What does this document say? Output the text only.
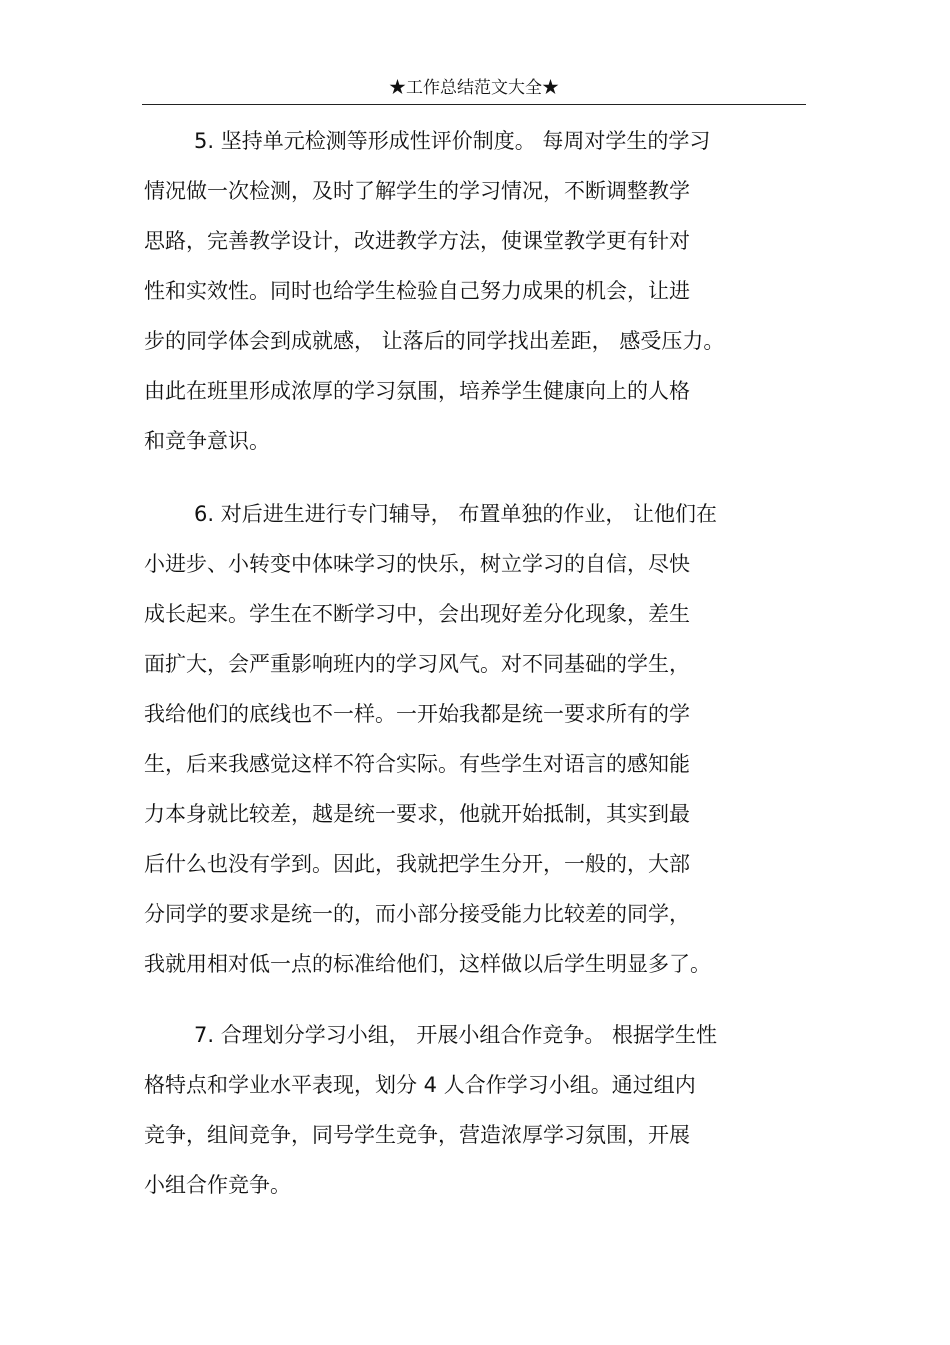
★工作总结范文大全★
5. 坚持单元检测等形成性评价制度。 每周对学生的学习
情况做一次检测，及时了解学生的学习情况，不断调整教学
思路，完善教学设计，改进教学方法，使课堂教学更有针对
性和实效性。同时也给学生检验自己努力成果的机会，让进
步的同学体会到成就感， 让落后的同学找出差距， 感受压力。
由此在班里形成浓厚的学习氛围，培养学生健康向上的人格
和竞争意识。
6. 对后进生进行专门辅导， 布置单独的作业， 让他们在
小进步、小转变中体味学习的快乐，树立学习的自信，尽快
成长起来。学生在不断学习中，会出现好差分化现象，差生
面扩大，会严重影响班内的学习风气。对不同基础的学生，
我给他们的底线也不一样。一开始我都是统一要求所有的学
生，后来我感觉这样不符合实际。有些学生对语言的感知能
力本身就比较差，越是统一要求，他就开始抵制，其实到最
后什么也没有学到。因此，我就把学生分开，一般的，大部
分同学的要求是统一的，而小部分接受能力比较差的同学，
我就用相对低一点的标准给他们，这样做以后学生明显多了。
7. 合理划分学习小组， 开展小组合作竞争。 根据学生性
格特点和学业水平表现，划分 4 人合作学习小组。通过组内
竞争，组间竞争，同号学生竞争，营造浓厚学习氛围，开展
小组合作竞争。
